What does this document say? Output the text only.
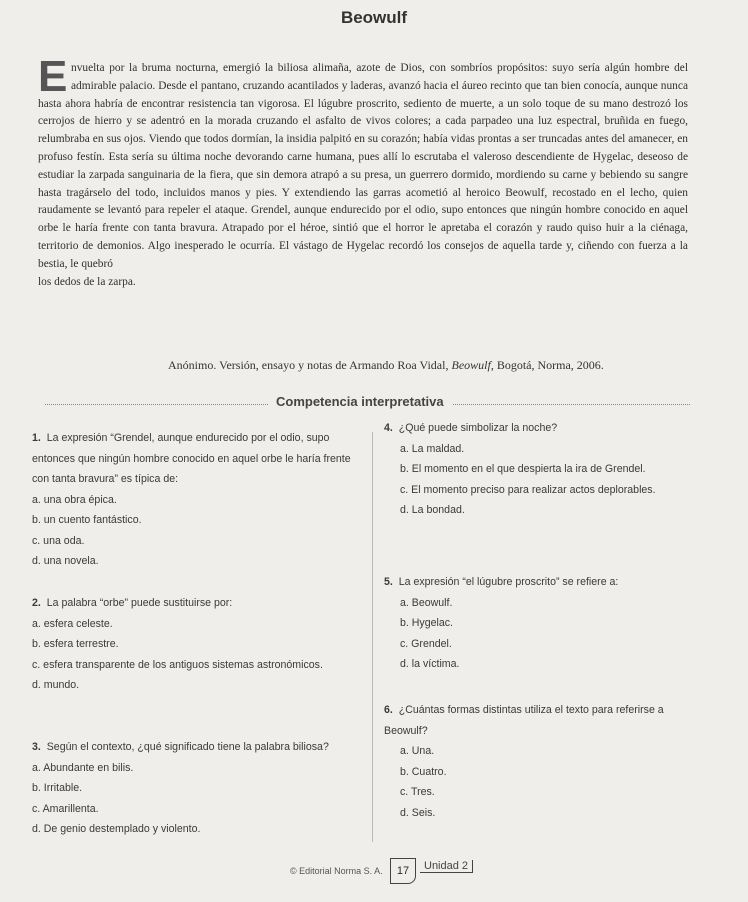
Beowulf
E nvuelta por la bruma nocturna, emergió la biliosa alimaña, azote de Dios, con sombríos propósitos: suyo sería algún hombre del admirable palacio. Desde el pantano, cruzando acantilados y laderas, avanzó hacia el áureo recinto que tan bien conocía, aunque nunca hasta ahora habría de encontrar resistencia tan vigorosa. El lúgubre proscrito, sediento de muerte, a un solo toque de su mano destrozó los cerrojos de hierro y se adentró en la morada cruzando el asfalto de vivos colores; a cada parpadeo una luz espectral, bruñida en fuego, relumbraba en sus ojos. Viendo que todos dormían, la insidia palpitó en su corazón; había vidas prontas a ser truncadas antes del amanecer, en profuso festín. Esta sería su última noche devorando carne humana, pues allí lo escrutaba el valeroso descendiente de Hygelac, deseoso de estudiar la zarpada sanguinaria de la fiera, que sin demora atrapó a su presa, un guerrero dormido, mordiendo su carne y bebiendo su sangre hasta tragárselo del todo, incluidos manos y pies. Y extendiendo las garras acometió al heroico Beowulf, recostado en el lecho, quien raudamente se levantó para repeler el ataque. Grendel, aunque endurecido por el odio, supo entonces que ningún hombre conocido en aquel orbe le haría frente con tanta bravura. Atrapado por el héroe, sintió que el horror le apretaba el corazón y raudo quiso huir a la ciénaga, territorio de demonios. Algo inesperado le ocurría. El vástago de Hygelac recordó los consejos de aquella tarde y, ciñendo con fuerza a la bestia, le quebró
los dedos de la zarpa.
Anónimo. Versión, ensayo y notas de Armando Roa Vidal, Beowulf, Bogotá, Norma, 2006.
Competencia interpretativa
1. La expresión “Grendel, aunque endurecido por el odio, supo entonces que ningún hombre conocido en aquel orbe le haría frente con tanta bravura” es típica de:
a. una obra épica.
b. un cuento fantástico.
c. una oda.
d. una novela.
2. La palabra “orbe” puede sustituirse por:
a. esfera celeste.
b. esfera terrestre.
c. esfera transparente de los antiguos sistemas astronómicos.
d. mundo.
3. Según el contexto, ¿qué significado tiene la palabra biliosa?
a. Abundante en bilis.
b. Irritable.
c. Amarillenta.
d. De genio destemplado y violento.
4. ¿Qué puede simbolizar la noche?
a. La maldad.
b. El momento en el que despierta la ira de Grendel.
c. El momento preciso para realizar actos deplorables.
d. La bondad.
5. La expresión “el lúgubre proscrito” se refiere a:
a. Beowulf.
b. Hygelac.
c. Grendel.
d. la víctima.
6. ¿Cuántas formas distintas utiliza el texto para referirse a Beowulf?
a. Una.
b. Cuatro.
c. Tres.
d. Seis.
© Editorial Norma S. A.	17	Unidad 2
